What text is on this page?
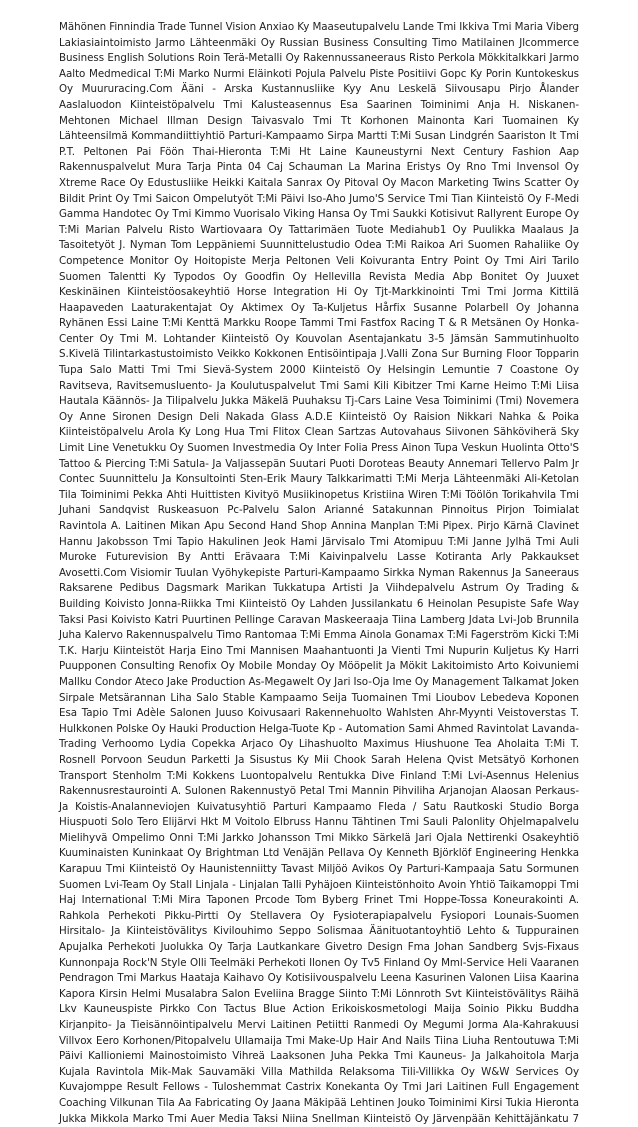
Mähönen Finnindia Trade Tunnel Vision Anxiao Ky Maaseutupalvelu Lande Tmi Ikkiva Tmi Maria Viberg Lakiasiaintoimisto Jarmo Lähteenmäki Oy Russian Business Consulting Timo Matilainen Jlcommerce Business English Solutions Roin Terä-Metalli Oy Rakennussaneeraus Risto Perkola Mökkitalkkari Jarmo Aalto Medmedical T:Mi Marko Nurmi Eläinkoti Pojula Palvelu Piste Positiivi Gopc Ky Porin Kuntokeskus Oy Muururacing.Com Ääni - Arska Kustannusliike Kyy Anu Leskelä Siivousapu Pirjo Ålander Aaslaluodon Kiinteistöpalvelu Tmi Kalusteasennus Esa Saarinen Toiminimi Anja H. Niskanen-Mehtonen Michael Illman Design Taivasvalo Tmi Tt Korhonen Mainonta Kari Tuomainen Ky Lähteensilmä Kommandiittiyhtiö Parturi-Kampaamo Sirpa Martti T:Mi Susan Lindgrén Saariston It Tmi P.T. Peltonen Pai Föön Thai-Hieronta T:Mi Ht Laine Kauneustyrni Next Century Fashion Aap Rakennuspalvelut Mura Tarja Pinta 04 Caj Schauman La Marina Eristys Oy Rno Tmi Invensol Oy Xtreme Race Oy Edustusliike Heikki Kaitala Sanrax Oy Pitoval Oy Macon Marketing Twins Scatter Oy Bildit Print Oy Tmi Saicon Ompelutyöt T:Mi Päivi Iso-Aho Jumo'S Service Tmi Tian Kiinteistö Oy F-Medi Gamma Handotec Oy Tmi Kimmo Vuorisalo Viking Hansa Oy Tmi Saukki Kotisivut Rallyrent Europe Oy T:Mi Marian Palvelu Risto Wartiovaara Oy Tattarimäen Tuote Mediahub1 Oy Puulikka Maalaus Ja Tasoitetyöt J. Nyman Tom Leppäniemi Suunnittelustudio Odea T:Mi Raikoa Ari Suomen Rahaliike Oy Competence Monitor Oy Hoitopiste Merja Peltonen Veli Koivuranta Entry Point Oy Tmi Airi Tarilo Suomen Talentti Ky Typodos Oy Goodfin Oy Hellevilla Revista Media Abp Bonitet Oy Juuxet Keskinäinen Kiinteistöosakeyhtiö Horse Integration Hi Oy Tjt-Markkinointi Tmi Tmi Jorma Kittilä Haapaveden Laaturakentajat Oy Aktimex Oy Ta-Kuljetus Hårfix Susanne Polarbell Oy Johanna Ryhänen Essi Laine T:Mi Kenttä Markku Roope Tammi Tmi Fastfox Racing T & R Metsänen Oy Honka-Center Oy Tmi M. Lohtander Kiinteistö Oy Kouvolan Asentajankatu 3-5 Jämsän Sammutinhuolto S.Kivelä Tilintarkastustoimisto Veikko Kokkonen Entisöintipaja J.Valli Zona Sur Burning Floor Topparin Tupa Salo Matti Tmi Tmi Sievä-System 2000 Kiinteistö Oy Helsingin Lemuntie 7 Coastone Oy Ravitseva, Ravitsemusluento- Ja Koulutuspalvelut Tmi Sami Kili Kibitzer Tmi Karne Heimo T:Mi Liisa Hautala Käännös- Ja Tilipalvelu Jukka Mäkelä Puuhaksu Tj-Cars Laine Vesa Toiminimi (Tmi) Novemera Oy Anne Sironen Design Deli Nakada Glass A.D.E Kiinteistö Oy Raision Nikkari Nahka & Poika Kiinteistöpalvelu Arola Ky Long Hua Tmi Flitox Clean Sartzas Autovahaus Siivonen Sähköviherä Sky Limit Line Venetukku Oy Suomen Investmedia Oy Inter Folia Press Ainon Tupa Veskun Huolinta Otto'S Tattoo & Piercing T:Mi Satula- Ja Valjassepän Suutari Puoti Doroteas Beauty Annemari Tellervo Palm Jr Contec Suunnittelu Ja Konsultointi Sten-Erik Maury Talkkarimatti T:Mi Merja Lähteenmäki Ali-Ketolan Tila Toiminimi Pekka Ahti Huittisten Kivityö Musiikinopetus Kristiina Wiren T:Mi Töölön Torikahvila Tmi Juhani Sandqvist Ruskeasuon Pc-Palvelu Salon Arianné Satakunnan Pinnoitus Pirjon Toimialat Ravintola A. Laitinen Mikan Apu Second Hand Shop Annina Manplan T:Mi Pipex. Pirjo Kärnä Clavinet Hannu Jakobsson Tmi Tapio Hakulinen Jeok Hami Järvisalo Tmi Atomipuu T:Mi Janne Jylhä Tmi Auli Muroke Futurevision By Antti Erävaara T:Mi Kaivinpalvelu Lasse Kotiranta Arly Pakkaukset Avosetti.Com Visiomir Tuulan Vyöhykepiste Parturi-Kampaamo Sirkka Nyman Rakennus Ja Saneeraus Raksarene Pedibus Dagsmark Marikan Tukkatupa Artisti Ja Viihdepalvelu Astrum Oy Trading & Building Koivisto Jonna-Riikka Tmi Kiinteistö Oy Lahden Jussilankatu 6 Heinolan Pesupiste Safe Way Taksi Pasi Koivisto Katri Puurtinen Pellinge Caravan Maskeeraaja Tiina Lamberg Jdata Lvi-Job Brunnila Juha Kalervo Rakennuspalvelu Timo Rantomaa T:Mi Emma Ainola Gonamax T:Mi Fagerström Kicki T:Mi T.K. Harju Kiinteistöt Harja Eino Tmi Mannisen Maahantuonti Ja Vienti Tmi Nupurin Kuljetus Ky Harri Puupponen Consulting Renofix Oy Mobile Monday Oy Mööpelit Ja Mökit Lakitoimisto Arto Koivuniemi Mallku Condor Ateco Jake Production As-Megawelt Oy Jari Iso-Oja Ime Oy Management Talkamat Joken Sirpale Metsärannan Liha Salo Stable Kampaamo Seija Tuomainen Tmi Lioubov Lebedeva Koponen Esa Tapio Tmi Adèle Salonen Juuso Koivusaari Rakennehuolto Wahlsten Ahr-Myynti Veistoverstas T. Hulkkonen Polske Oy Hauki Production Helga-Tuote Kp - Automation Sami Ahmed Ravintolat Lavanda-Trading Verhoomo Lydia Copekka Arjaco Oy Lihashuolto Maximus Hiushuone Tea Aholaita T:Mi T. Rosnell Porvoon Seudun Parketti Ja Sisustus Ky Mii Chook Sarah Helena Qvist Metsätyö Korhonen Transport Stenholm T:Mi Kokkens Luontopalvelu Rentukka Dive Finland T:Mi Lvi-Asennus Helenius Rakennusrestaurointi A. Sulonen Rakennustyö Petal Tmi Mannin Pihviliha Arjanojan Alaosan Perkaus- Ja Koistis-Analanneviojen Kuivatusyhtiö Parturi Kampaamo Fleda / Satu Rautkoski Studio Borga Hiuspuoti Solo Tero Elijärvi Hkt M Voitolo Elbruss Hannu Tähtinen Tmi Sauli Palonlity Ohjelmapalvelu Mielihyvä Ompelimo Onni T:Mi Jarkko Johansson Tmi Mikko Särkelä Jari Ojala Nettirenki Osakeyhtiö Kuuminaisten Kuninkaat Oy Brightman Ltd Venäjän Pellava Oy Kenneth Björklöf Engineering Henkka Karapuu Tmi Kiinteistö Oy Haunistenniitty Tavast Miljöö Avikos Oy Parturi-Kampaaja Satu Sormunen Suomen Lvi-Team Oy Stall Linjala - Linjalan Talli Pyhäjoen Kiinteistönhoito Avoin Yhtiö Taikamoppi Tmi Haj International T:Mi Mira Taponen Prcode Tom Byberg Frinet Tmi Hoppe-Tossa Koneurakointi A. Rahkola Perhekoti Pikku-Pirtti Oy Stellavera Oy Fysioterapiapalvelu Fysiopori Lounais-Suomen Hirsitalo- Ja Kiinteistövälitys Kivilouhimo Seppo Solismaa Äänituotantoyhtiö Lehto & Tuppurainen Apujalka Perhekoti Juolukka Oy Tarja Lautkankare Givetro Design Fma Johan Sandberg Svjs-Fixaus Kunnonpaja Rock'N Style Olli Teelmäki Perhekoti Ilonen Oy Tv5 Finland Oy Mml-Service Heli Vaaranen Pendragon Tmi Markus Haataja Kaihavo Oy Kotisiivouspalvelu Leena Kasurinen Valonen Liisa Kaarina Kapora Kirsin Helmi Musalabra Salon Eveliina Bragge Siinto T:Mi Lönnroth Svt Kiinteistövälitys Räihä Lkv Kauneuspiste Pirkko Con Tactus Blue Action Erikoiskosmetologi Maija Soinio Pikku Buddha Kirjanpito- Ja Tieisännöintipalvelu Mervi Laitinen Petiitti Ranmedi Oy Megumi Jorma Ala-Kahrakuusi Villvox Eero Korhonen/Pitopalvelu Ullamaija Tmi Make-Up Hair And Nails Tiina Liuha Rentoutuwa T:Mi Päivi Kallioniemi Mainostoimisto Vihreä Laaksonen Juha Pekka Tmi Kauneus- Ja Jalkahoitola Marja Kujala Ravintola Mik-Mak Sauvamäki Villa Mathilda Relaksoma Tili-Villikka Oy W&W Services Oy Kuvajomppe Result Fellows - Tuloshemmat Castrix Konekanta Oy Tmi Jari Laitinen Full Engagement Coaching Vilkunan Tila Aa Fabricating Oy Jaana Mäkipää Lehtinen Jouko Toiminimi Kirsi Tukia Hieronta Jukka Mikkola Marko Tmi Auer Media Taksi Niina Snellman Kiinteistö Oy Järvenpään Kehittäjänkatu 7
